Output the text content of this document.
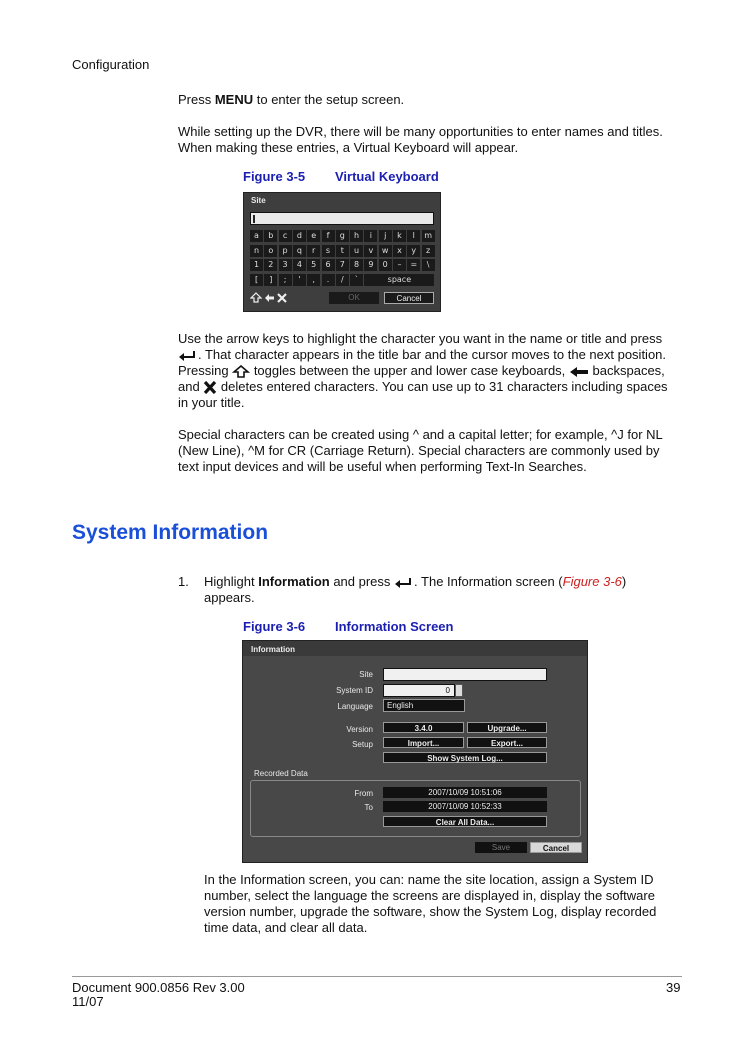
Configuration
Press MENU to enter the setup screen.
While setting up the DVR, there will be many opportunities to enter names and titles.
When making these entries, a Virtual Keyboard will appear.
Figure 3-5 Virtual Keyboard
Site
a	b	c	d	e	f	g	h	i	j	k	l	m
n	o	p	q	r	s	t	u	v	w	x	y	z
1	2	3	4	5	6	7	8	9	0	–	=	\
[	]	;	'	,	.	/	`	space
OK	Cancel
Use the arrow keys to highlight the character you want in the name or title and press
. That character appears in the title bar and the cursor moves to the next position.
Pressing  toggles between the upper and lower case keyboards,  backspaces,
and  deletes entered characters. You can use up to 31 characters including spaces
in your title.
Special characters can be created using ^ and a capital letter; for example, ^J for NL
(New Line), ^M for CR (Carriage Return). Special characters are commonly used by
text input devices and will be useful when performing Text-In Searches.
System Information
1. Highlight Information and press . The Information screen (Figure 3-6)
appears.
Figure 3-6 Information Screen
Information
Site
System ID	0
Language	English
Version	3.4.0	Upgrade...
Setup	Import...	Export...
Show System Log...
Recorded Data
From	2007/10/09 10:51:06
To	2007/10/09 10:52:33
Clear All Data...
Save	Cancel
In the Information screen, you can: name the site location, assign a System ID
number, select the language the screens are displayed in, display the software
version number, upgrade the software, show the System Log, display recorded
time data, and clear all data.
Document 900.0856 Rev 3.00
11/07
39
